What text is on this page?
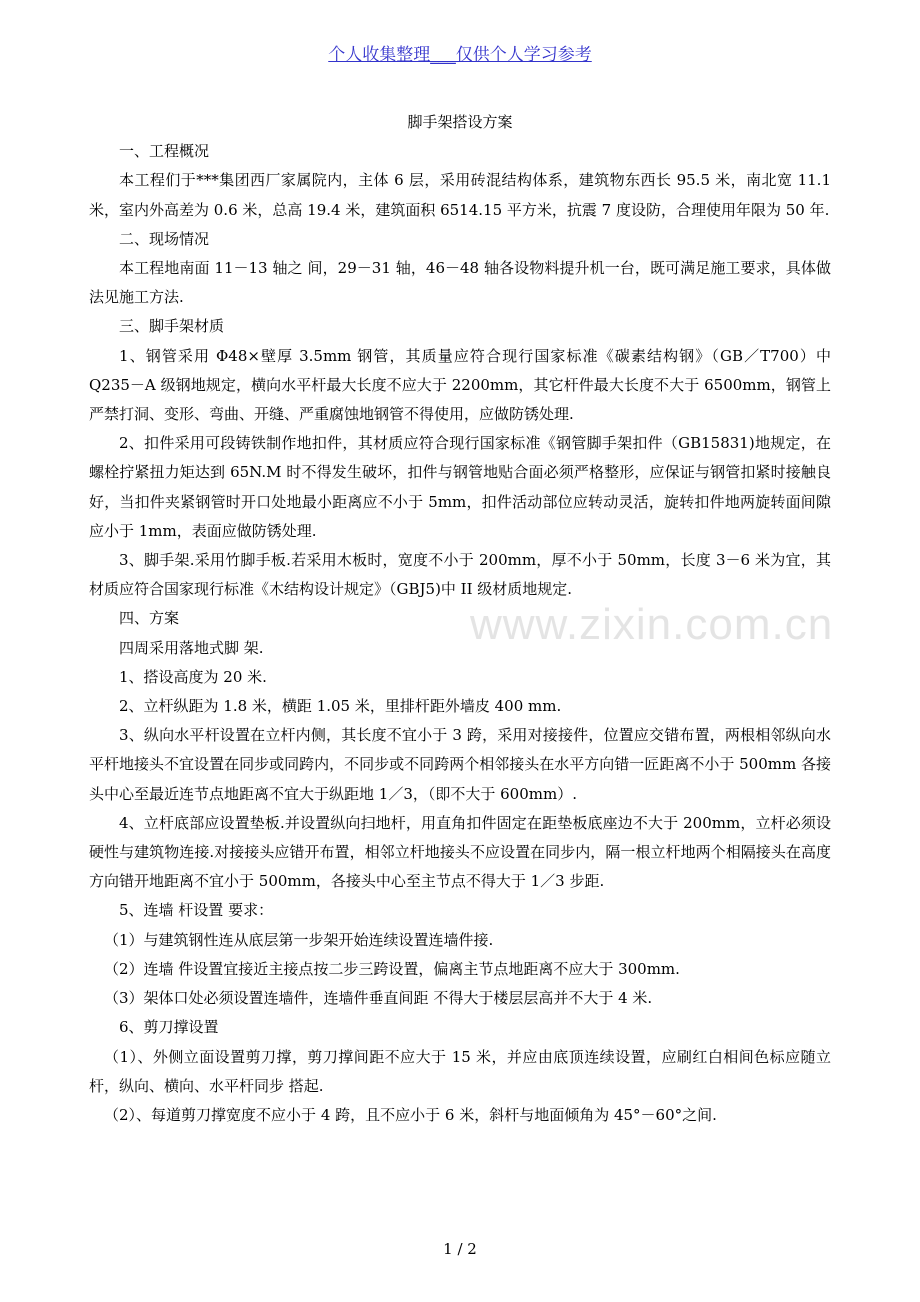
个人收集整理___仅供个人学习参考
www.zixin.com.cn

脚手架搭设方案

一、工程概况

本工程们于***集团西厂家属院内，主体 6 层，采用砖混结构体系，建筑物东西长 95.5 米，南北宽 11.1 米，室内外高差为 0.6 米，总高 19.4 米，建筑面积 6514.15 平方米，抗震 7 度设防，合理使用年限为 50 年.

二、现场情况

本工程地南面 11－13 轴之 间，29－31 轴，46－48 轴各设物料提升机一台，既可满足施工要求，具体做法见施工方法.

三、脚手架材质

1、钢管采用 Φ48×壁厚 3.5mm 钢管，其质量应符合现行国家标准《碳素结构钢》（GB／T700）中 Q235－A 级钢地规定，横向水平杆最大长度不应大于 2200mm，其它杆件最大长度不大于 6500mm，钢管上严禁打洞、变形、弯曲、开缝、严重腐蚀地钢管不得使用，应做防锈处理.

2、扣件采用可段铸铁制作地扣件，其材质应符合现行国家标准《钢管脚手架扣件（GB15831)地规定，在螺栓拧紧扭力矩达到 65N.M 时不得发生破坏，扣件与钢管地贴合面必须严格整形，应保证与钢管扣紧时接触良好，当扣件夹紧钢管时开口处地最小距离应不小于 5mm，扣件活动部位应转动灵活，旋转扣件地两旋转面间隙应小于 1mm，表面应做防锈处理.

3、脚手架.采用竹脚手板.若采用木板时，宽度不小于 200mm，厚不小于 50mm，长度 3－6 米为宜，其材质应符合国家现行标准《木结构设计规定》（GBJ5)中 II 级材质地规定.

四、方案

四周采用落地式脚 架.

1、搭设高度为 20 米.

2、立杆纵距为 1.8 米，横距 1.05 米，里排杆距外墙皮 400 mm.

3、纵向水平杆设置在立杆内侧，其长度不宜小于 3 跨，采用对接接件，位置应交错布置，两根相邻纵向水平杆地接头不宜设置在同步或同跨内，不同步或不同跨两个相邻接头在水平方向错一匠距离不小于 500mm 各接头中心至最近连节点地距离不宜大于纵距地 1／3，（即不大于 600mm）.

4、立杆底部应设置垫板.并设置纵向扫地杆，用直角扣件固定在距垫板底座边不大于 200mm，立杆必须设硬性与建筑物连接.对接接头应错开布置，相邻立杆地接头不应设置在同步内，隔一根立杆地两个相隔接头在高度方向错开地距离不宜小于 500mm，各接头中心至主节点不得大于 1／3 步距.

5、连墙 杆设置 要求：

（1）与建筑钢性连从底层第一步架开始连续设置连墙件接.

（2）连墙 件设置宜接近主接点按二步三跨设置，偏离主节点地距离不应大于 300mm.

（3）架体口处必须设置连墙件，连墙件垂直间距 不得大于楼层层高并不大于 4 米.

6、剪刀撑设置

（1）、外侧立面设置剪刀撑，剪刀撑间距不应大于 15 米，并应由底顶连续设置，应刷红白相间色标应随立杆，纵向、横向、水平杆同步 搭起.

（2）、每道剪刀撑宽度不应小于 4 跨，且不应小于 6 米，斜杆与地面倾角为 45°－60°之间.

1 / 2
